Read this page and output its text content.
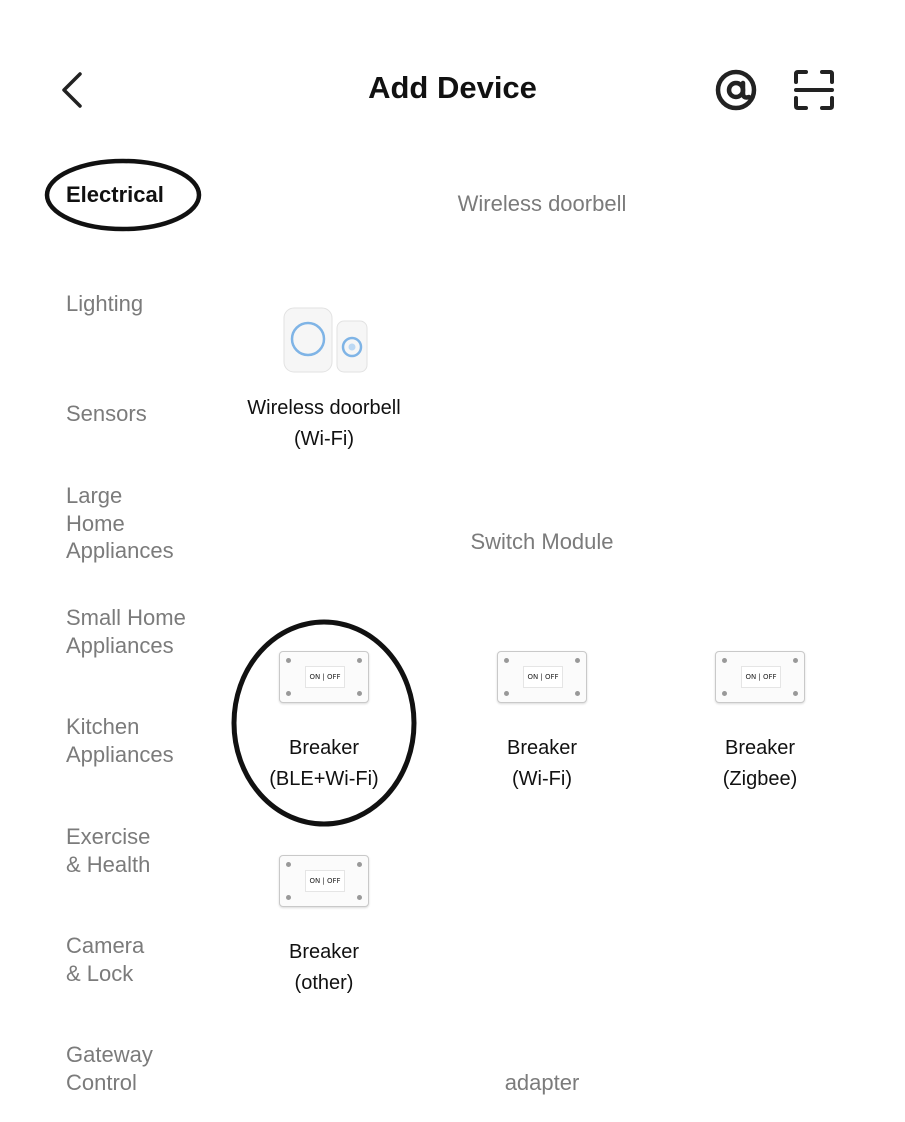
Add Device
Electrical
Lighting
Sensors
Large
Home
Appliances
Small Home
Appliances
Kitchen
Appliances
Exercise
& Health
Camera
& Lock
Gateway
Control
Wireless doorbell
Wireless doorbell
(Wi-Fi)
Switch Module
ON | OFF
Breaker
(BLE+Wi-Fi)
ON | OFF
Breaker
(Wi-Fi)
ON | OFF
Breaker
(Zigbee)
ON | OFF
Breaker
(other)
adapter
